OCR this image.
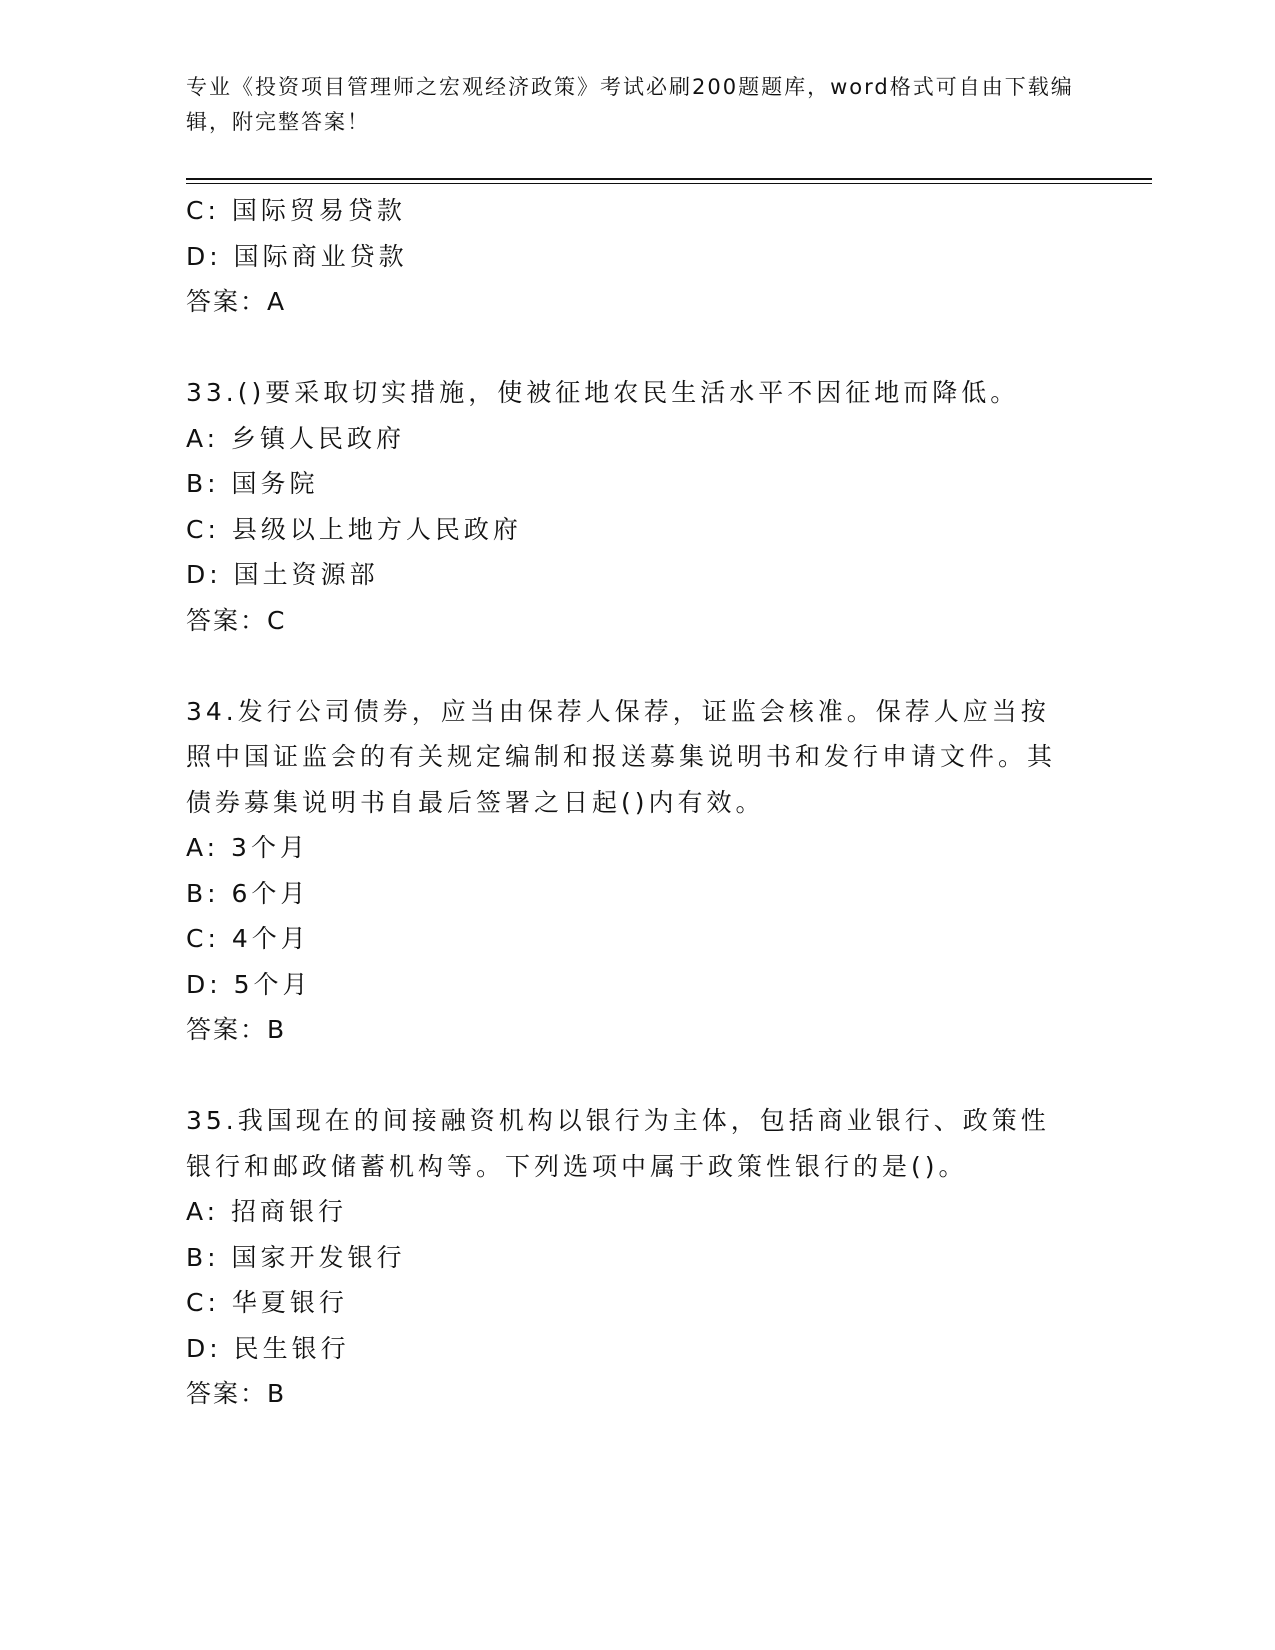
专业《投资项目管理师之宏观经济政策》考试必刷200题题库，word格式可自由下载编辑，附完整答案！

C: 国际贸易贷款

D: 国际商业贷款

答案：A

33.()要采取切实措施，使被征地农民生活水平不因征地而降低。

A: 乡镇人民政府

B: 国务院

C: 县级以上地方人民政府

D: 国土资源部

答案：C

34.发行公司债券，应当由保荐人保荐，证监会核准。保荐人应当按照中国证监会的有关规定编制和报送募集说明书和发行申请文件。其债券募集说明书自最后签署之日起()内有效。

A: 3个月

B: 6个月

C: 4个月

D: 5个月

答案：B

35.我国现在的间接融资机构以银行为主体，包括商业银行、政策性银行和邮政储蓄机构等。下列选项中属于政策性银行的是()。

A: 招商银行

B: 国家开发银行

C: 华夏银行

D: 民生银行

答案：B
